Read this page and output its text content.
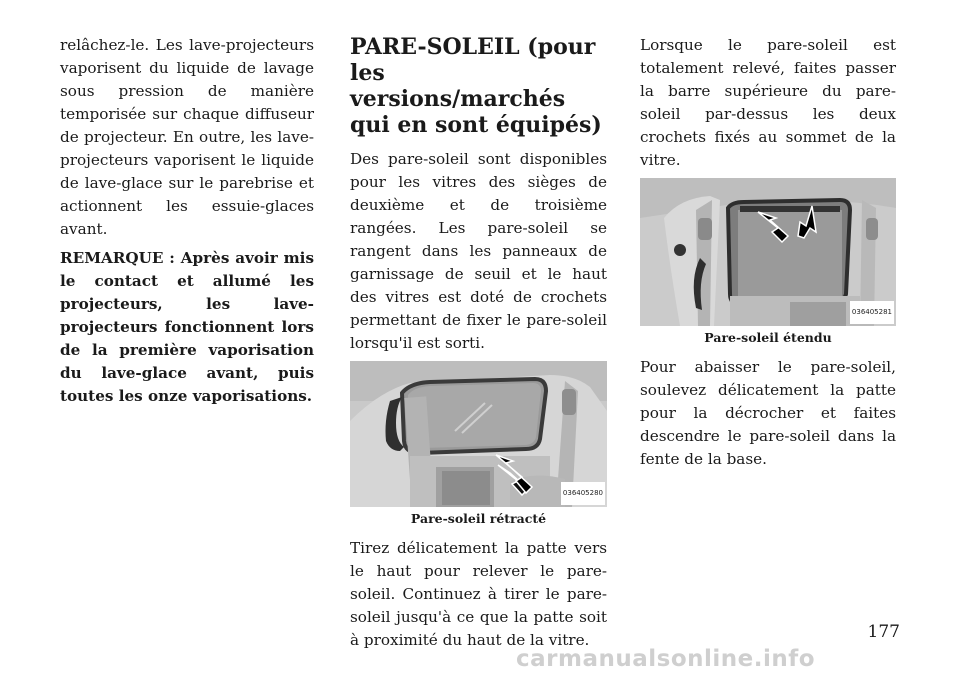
relâchez-le. Les lave-projecteurs vaporisent du liquide de lavage sous pression de manière temporisée sur chaque diffuseur de projecteur. En outre, les lave-projecteurs vaporisent le liquide de lave-glace sur le parebrise et actionnent les essuie-glaces avant.

REMARQUE : Après avoir mis le contact et allumé les projecteurs, les lave-projecteurs fonctionnent lors de la première vaporisation du lave-glace avant, puis toutes les onze vaporisations.

PARE-SOLEIL (pour les versions/marchés qui en sont équipés)

Des pare-soleil sont disponibles pour les vitres des sièges de deuxième et de troisième rangées. Les pare-soleil se rangent dans les panneaux de garnissage de seuil et le haut des vitres est doté de crochets permettant de fixer le pare-soleil lorsqu'il est sorti.

036405280
Pare-soleil rétracté

Tirez délicatement la patte vers le haut pour relever le pare-soleil. Continuez à tirer le pare-soleil jusqu'à ce que la patte soit à proximité du haut de la vitre.

Lorsque le pare-soleil est totalement relevé, faites passer la barre supérieure du pare-soleil par-dessus les deux crochets fixés au sommet de la vitre.

036405281
Pare-soleil étendu

Pour abaisser le pare-soleil, soulevez délicatement la patte pour la décrocher et faites descendre le pare-soleil dans la fente de la base.

177
carmanualsonline.info
